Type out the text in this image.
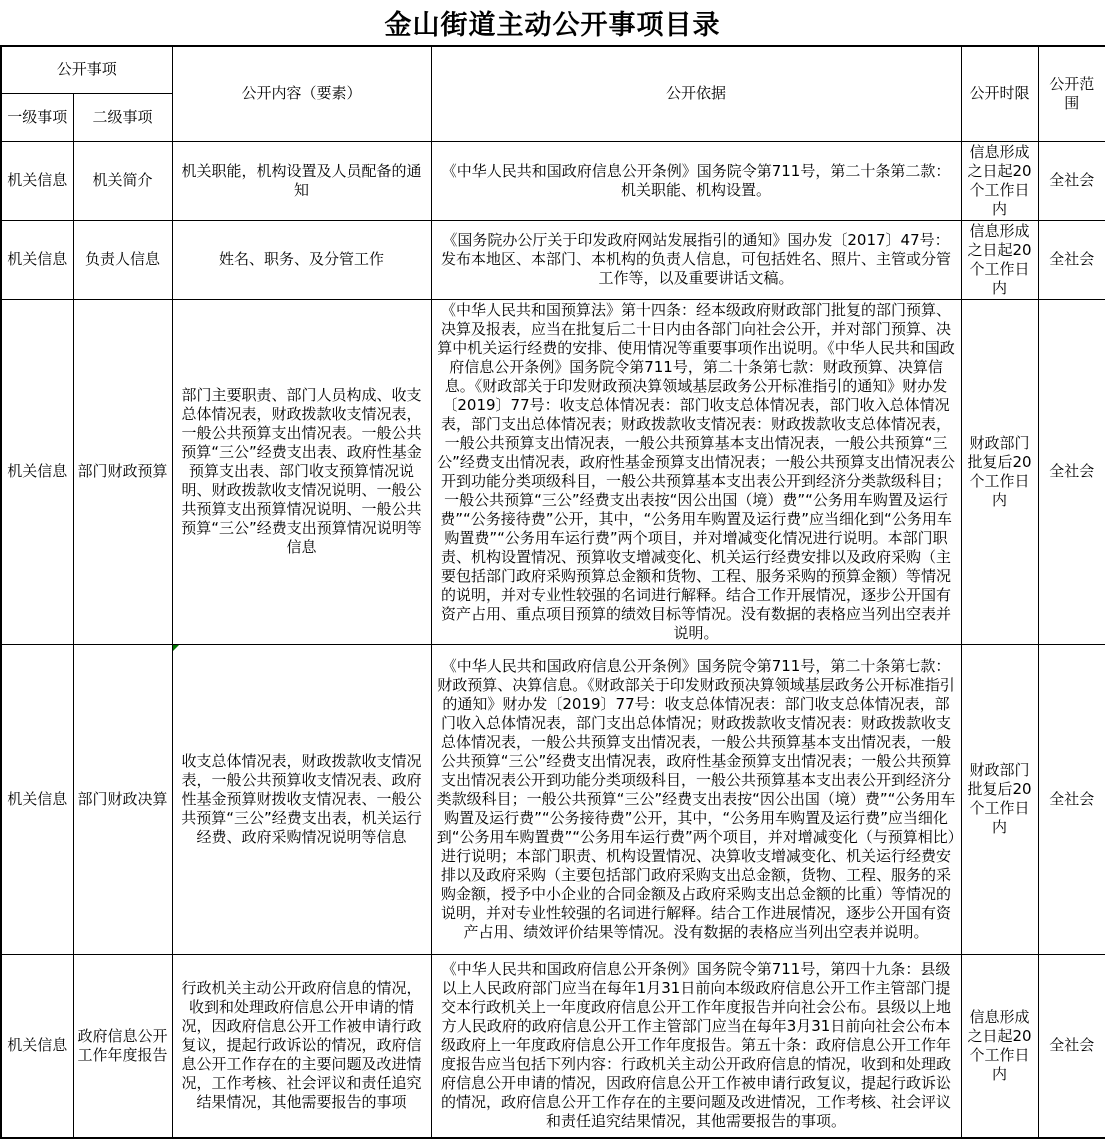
金山街道主动公开事项目录
公开事项		公开内容（要素）	公开依据	公开时限	公开范围
一级事项	二级事项				
机关信息	机关简介	机关职能，机构设置及人员配备的通知	《中华人民共和国政府信息公开条例》国务院令第711号，第二十条第二款：机关职能、机构设置。	信息形成之日起20个工作日内	全社会
机关信息	负责人信息	姓名、职务、及分管工作	《国务院办公厅关于印发政府网站发展指引的通知》国办发〔2017〕47号：发布本地区、本部门、本机构的负责人信息，可包括姓名、照片、主管或分管工作等，以及重要讲话文稿。	信息形成之日起20个工作日内	全社会
机关信息	部门财政预算	部门主要职责、部门人员构成、收支总体情况表，财政拨款收支情况表，一般公共预算支出情况表。一般公共预算“三公”经费支出表、政府性基金预算支出表、部门收支预算情况说明、财政拨款收支情况说明、一般公共预算支出预算情况说明、一般公共预算“三公”经费支出预算情况说明等信息	《中华人民共和国预算法》第十四条：经本级政府财政部门批复的部门预算、决算及报表，应当在批复后二十日内由各部门向社会公开，并对部门预算、决算中机关运行经费的安排、使用情况等重要事项作出说明。《中华人民共和国政府信息公开条例》国务院令第711号，第二十条第七款：财政预算、决算信息。《财政部关于印发财政预决算领域基层政务公开标准指引的通知》财办发〔2019〕77号：收支总体情况表：部门收支总体情况表，部门收入总体情况表，部门支出总体情况表；财政拨款收支情况表：财政拨款收支总体情况表，一般公共预算支出情况表，一般公共预算基本支出情况表，一般公共预算“三公”经费支出情况表，政府性基金预算支出情况表；一般公共预算支出情况表公开到功能分类项级科目，一般公共预算基本支出表公开到经济分类款级科目；一般公共预算“三公”经费支出表按“因公出国（境）费”“公务用车购置及运行费”“公务接待费”公开，其中，“公务用车购置及运行费”应当细化到“公务用车购置费”“公务用车运行费”两个项目，并对增减变化情况进行说明。本部门职责、机构设置情况、预算收支增减变化、机关运行经费安排以及政府采购（主要包括部门政府采购预算总金额和货物、工程、服务采购的预算金额）等情况的说明，并对专业性较强的名词进行解释。结合工作开展情况，逐步公开国有资产占用、重点项目预算的绩效目标等情况。没有数据的表格应当列出空表并说明。	财政部门批复后20个工作日内	全社会
机关信息	部门财政决算	收支总体情况表，财政拨款收支情况表，一般公共预算收支情况表、政府性基金预算财拨收支情况表、一般公共预算“三公”经费支出表，机关运行经费、政府采购情况说明等信息	《中华人民共和国政府信息公开条例》国务院令第711号，第二十条第七款：财政预算、决算信息。《财政部关于印发财政预决算领域基层政务公开标准指引的通知》财办发〔2019〕77号：收支总体情况表：部门收支总体情况表，部门收入总体情况表，部门支出总体情况；财政拨款收支情况表：财政拨款收支总体情况表，一般公共预算支出情况表，一般公共预算基本支出情况表，一般公共预算“三公”经费支出情况表，政府性基金预算支出情况表；一般公共预算支出情况表公开到功能分类项级科目，一般公共预算基本支出表公开到经济分类款级科目；一般公共预算“三公”经费支出表按“因公出国（境）费”“公务用车购置及运行费”“公务接待费”公开，其中，“公务用车购置及运行费”应当细化到“公务用车购置费”“公务用车运行费”两个项目，并对增减变化（与预算相比）进行说明；本部门职责、机构设置情况、决算收支增减变化、机关运行经费安排以及政府采购（主要包括部门政府采购支出总金额，货物、工程、服务的采购金额，授予中小企业的合同金额及占政府采购支出总金额的比重）等情况的说明，并对专业性较强的名词进行解释。结合工作进展情况，逐步公开国有资产占用、绩效评价结果等情况。没有数据的表格应当列出空表并说明。	财政部门批复后20个工作日内	全社会
机关信息	政府信息公开工作年度报告	行政机关主动公开政府信息的情况，收到和处理政府信息公开申请的情况，因政府信息公开工作被申请行政复议，提起行政诉讼的情况，政府信息公开工作存在的主要问题及改进情况，工作考核、社会评议和责任追究结果情况，其他需要报告的事项	《中华人民共和国政府信息公开条例》国务院令第711号，第四十九条：县级以上人民政府部门应当在每年1月31日前向本级政府信息公开工作主管部门提交本行政机关上一年度政府信息公开工作年度报告并向社会公布。县级以上地方人民政府的政府信息公开工作主管部门应当在每年3月31日前向社会公布本级政府上一年度政府信息公开工作年度报告。第五十条：政府信息公开工作年度报告应当包括下列内容：行政机关主动公开政府信息的情况，收到和处理政府信息公开申请的情况，因政府信息公开工作被申请行政复议，提起行政诉讼的情况，政府信息公开工作存在的主要问题及改进情况，工作考核、社会评议和责任追究结果情况，其他需要报告的事项。	信息形成之日起20个工作日内	全社会
